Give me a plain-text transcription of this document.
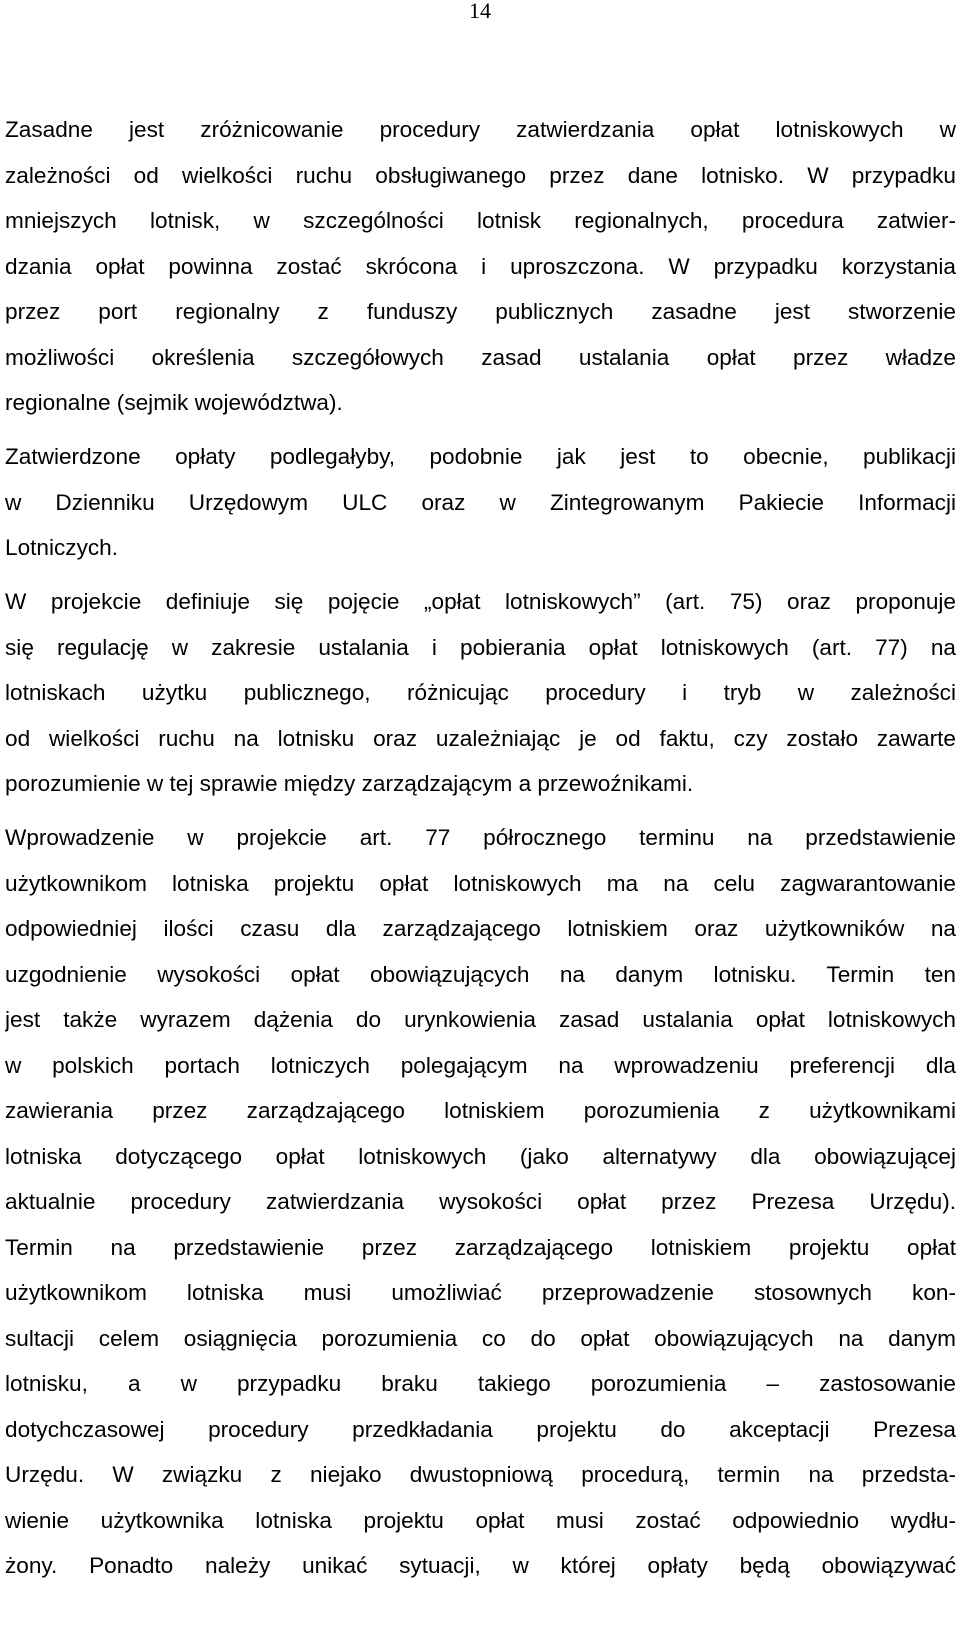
14
Zasadne jest zróżnicowanie procedury zatwierdzania opłat lotniskowych w
zależności od wielkości ruchu obsługiwanego przez dane lotnisko. W przypadku
mniejszych lotnisk, w szczególności lotnisk regionalnych, procedura zatwier-
dzania opłat powinna zostać skrócona i uproszczona. W przypadku korzystania
przez port regionalny z funduszy publicznych zasadne jest stworzenie
możliwości określenia szczegółowych zasad ustalania opłat przez władze
regionalne (sejmik województwa).
Zatwierdzone opłaty podlegałyby, podobnie jak jest to obecnie, publikacji
w Dzienniku Urzędowym ULC oraz w Zintegrowanym Pakiecie Informacji
Lotniczych.
W projekcie definiuje się pojęcie „opłat lotniskowych” (art. 75) oraz proponuje
się regulację w zakresie ustalania i pobierania opłat lotniskowych (art. 77) na
lotniskach użytku publicznego, różnicując procedury i tryb w zależności
od wielkości ruchu na lotnisku oraz uzależniając je od faktu, czy zostało zawarte
porozumienie w tej sprawie między zarządzającym a przewoźnikami.
Wprowadzenie w projekcie art. 77 półrocznego terminu na przedstawienie
użytkownikom lotniska projektu opłat lotniskowych ma na celu zagwarantowanie
odpowiedniej ilości czasu dla zarządzającego lotniskiem oraz użytkowników na
uzgodnienie wysokości opłat obowiązujących na danym lotnisku. Termin ten
jest także wyrazem dążenia do urynkowienia zasad ustalania opłat lotniskowych
w polskich portach lotniczych polegającym na wprowadzeniu preferencji dla
zawierania przez zarządzającego lotniskiem porozumienia z użytkownikami
lotniska dotyczącego opłat lotniskowych (jako alternatywy dla obowiązującej
aktualnie procedury zatwierdzania wysokości opłat przez Prezesa Urzędu).
Termin na przedstawienie przez zarządzającego lotniskiem projektu opłat
użytkownikom lotniska musi umożliwiać przeprowadzenie stosownych kon-
sultacji celem osiągnięcia porozumienia co do opłat obowiązujących na danym
lotnisku, a w przypadku braku takiego porozumienia – zastosowanie
dotychczasowej procedury przedkładania projektu do akceptacji Prezesa
Urzędu. W związku z niejako dwustopniową procedurą, termin na przedsta-
wienie użytkownika lotniska projektu opłat musi zostać odpowiednio wydłu-
żony. Ponadto należy unikać sytuacji, w której opłaty będą obowiązywać
